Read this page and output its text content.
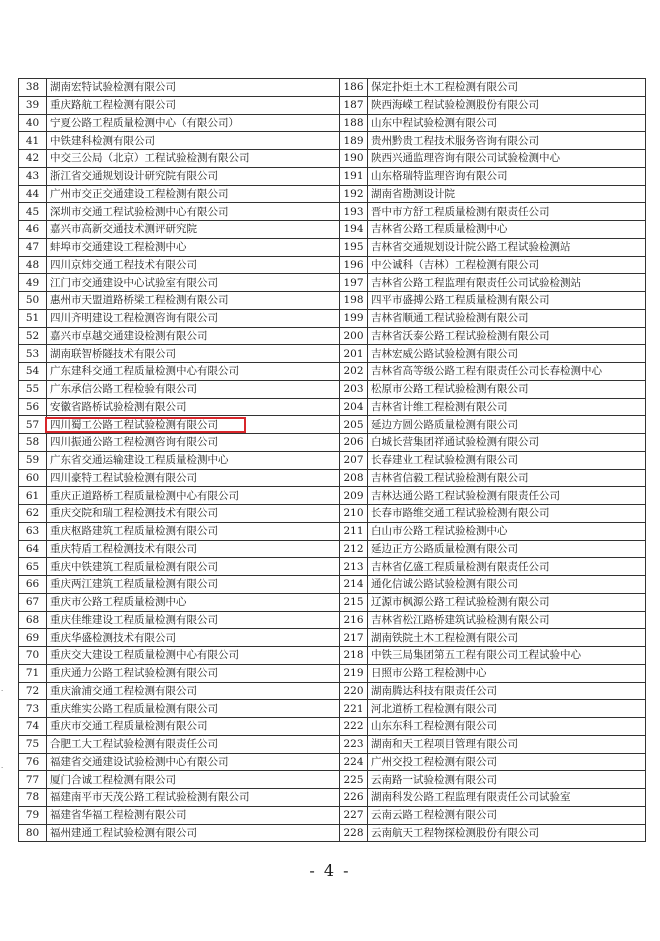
38	湖南宏特试验检测有限公司	186	保定扑炬土木工程检测有限公司
39	重庆路航工程检测有限公司	187	陕西海嵘工程试验检测股份有限公司
40	宁夏公路工程质量检测中心（有限公司）	188	山东中程试验检测有限公司
41	中铁建科检测有限公司	189	贵州黔贵工程技术服务咨询有限公司
42	中交三公局（北京）工程试验检测有限公司	190	陕西兴通监理咨询有限公司试验检测中心
43	浙江省交通规划设计研究院有限公司	191	山东格瑞特监理咨询有限公司
44	广州市交正交通建设工程检测有限公司	192	湖南省勘测设计院
45	深圳市交通工程试验检测中心有限公司	193	晋中市方舒工程质量检测有限责任公司
46	嘉兴市高新交通技术测评研究院	194	吉林省公路工程质量检测中心
47	蚌埠市交通建设工程检测中心	195	吉林省交通规划设计院公路工程试验检测站
48	四川京炜交通工程技术有限公司	196	中公诚科（吉林）工程检测有限公司
49	江门市交通建设中心试验室有限公司	197	吉林省公路工程监理有限责任公司试验检测站
50	惠州市天盟道路桥梁工程检测有限公司	198	四平市盛搏公路工程质量检测有限公司
51	四川齐明建设工程检测咨询有限公司	199	吉林省顺通工程试验检测有限公司
52	嘉兴市卓越交通建设检测有限公司	200	吉林省沃泰公路工程试验检测有限公司
53	湖南联智桥隧技术有限公司	201	吉林宏威公路试验检测有限公司
54	广东建科交通工程质量检测中心有限公司	202	吉林省高等级公路工程有限责任公司长春检测中心
55	广东承信公路工程检验有限公司	203	松原市公路工程试验检测有限公司
56	安徽省路桥试验检测有限公司	204	吉林省计维工程检测有限公司
57	四川蜀工公路工程试验检测有限公司	205	延边方圆公路质量检测有限公司
58	四川振通公路工程检测咨询有限公司	206	白城长营集团祥通试验检测有限公司
59	广东省交通运输建设工程质量检测中心	207	长春建业工程试验检测有限公司
60	四川豪特工程试验检测有限公司	208	吉林省信毅工程试验检测有限公司
61	重庆正道路桥工程质量检测中心有限公司	209	吉林达通公路工程试验检测有限责任公司
62	重庆交院和瑞工程检测技术有限公司	210	长春市路维交通工程试验检测有限公司
63	重庆枢路建筑工程质量检测有限公司	211	白山市公路工程试验检测中心
64	重庆特盾工程检测技术有限公司	212	延边正方公路质量检测有限公司
65	重庆中铁建筑工程质量检测有限公司	213	吉林省亿盛工程质量检测有限责任公司
66	重庆两江建筑工程质量检测有限公司	214	通化信诚公路试验检测有限公司
67	重庆市公路工程质量检测中心	215	辽源市枫源公路工程试验检测有限公司
68	重庆佳维建设工程质量检测有限公司	216	吉林省松江路桥建筑试验检测有限公司
69	重庆华盛检测技术有限公司	217	湖南铁院土木工程检测有限公司
70	重庆交大建设工程质量检测中心有限公司	218	中铁三局集团第五工程有限公司工程试验中心
71	重庆通力公路工程试验检测有限公司	219	日照市公路工程检测中心
72	重庆渝浦交通工程检测有限公司	220	湖南腾达科技有限责任公司
73	重庆维实公路工程质量检测有限公司	221	河北道桥工程检测有限公司
74	重庆市交通工程质量检测有限公司	222	山东东科工程检测有限公司
75	合肥工大工程试验检测有限责任公司	223	湖南和天工程项目管理有限公司
76	福建省交通建设试验检测中心有限公司	224	广州交投工程检测有限公司
77	厦门合诚工程检测有限公司	225	云南路一试验检测有限公司
78	福建南平市天茂公路工程试验检测有限公司	226	湖南科发公路工程监理有限责任公司试验室
79	福建省华福工程检测有限公司	227	云南云路工程检测有限公司
80	福州建通工程试验检测有限公司	228	云南航天工程物探检测股份有限公司
·
·
- 4 -
